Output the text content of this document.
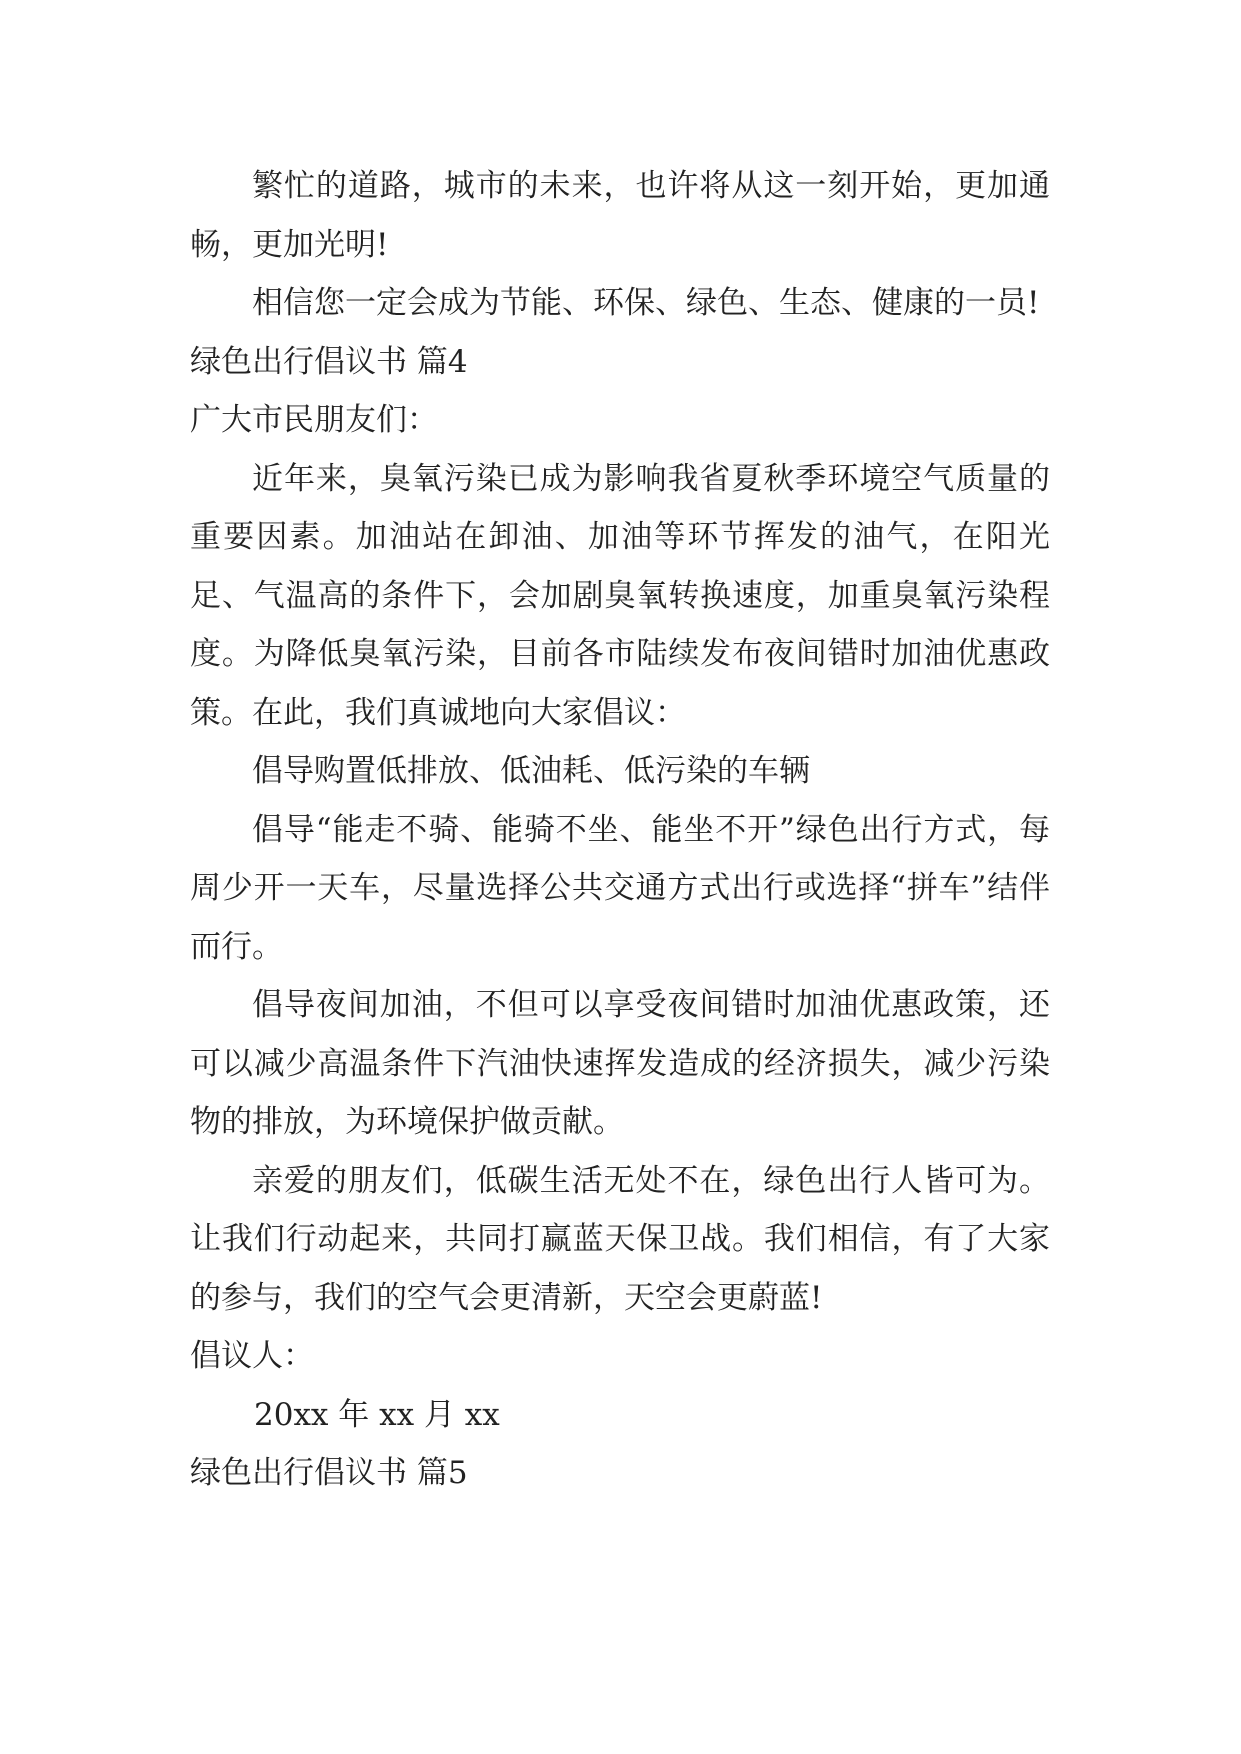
繁忙的道路，城市的未来，也许将从这一刻开始，更加通畅，更加光明!

相信您一定会成为节能、环保、绿色、生态、健康的一员!

绿色出行倡议书 篇4

广大市民朋友们：

近年来，臭氧污染已成为影响我省夏秋季环境空气质量的重要因素。加油站在卸油、加油等环节挥发的油气，在阳光足、气温高的条件下，会加剧臭氧转换速度，加重臭氧污染程度。为降低臭氧污染，目前各市陆续发布夜间错时加油优惠政策。在此，我们真诚地向大家倡议：

倡导购置低排放、低油耗、低污染的车辆

倡导“能走不骑、能骑不坐、能坐不开”绿色出行方式，每周少开一天车，尽量选择公共交通方式出行或选择“拼车”结伴而行。

倡导夜间加油，不但可以享受夜间错时加油优惠政策，还可以减少高温条件下汽油快速挥发造成的经济损失，减少污染物的排放，为环境保护做贡献。

亲爱的朋友们，低碳生活无处不在，绿色出行人皆可为。让我们行动起来，共同打赢蓝天保卫战。我们相信，有了大家的参与，我们的空气会更清新，天空会更蔚蓝!

倡议人：

20xx 年 xx 月 xx

绿色出行倡议书 篇5
